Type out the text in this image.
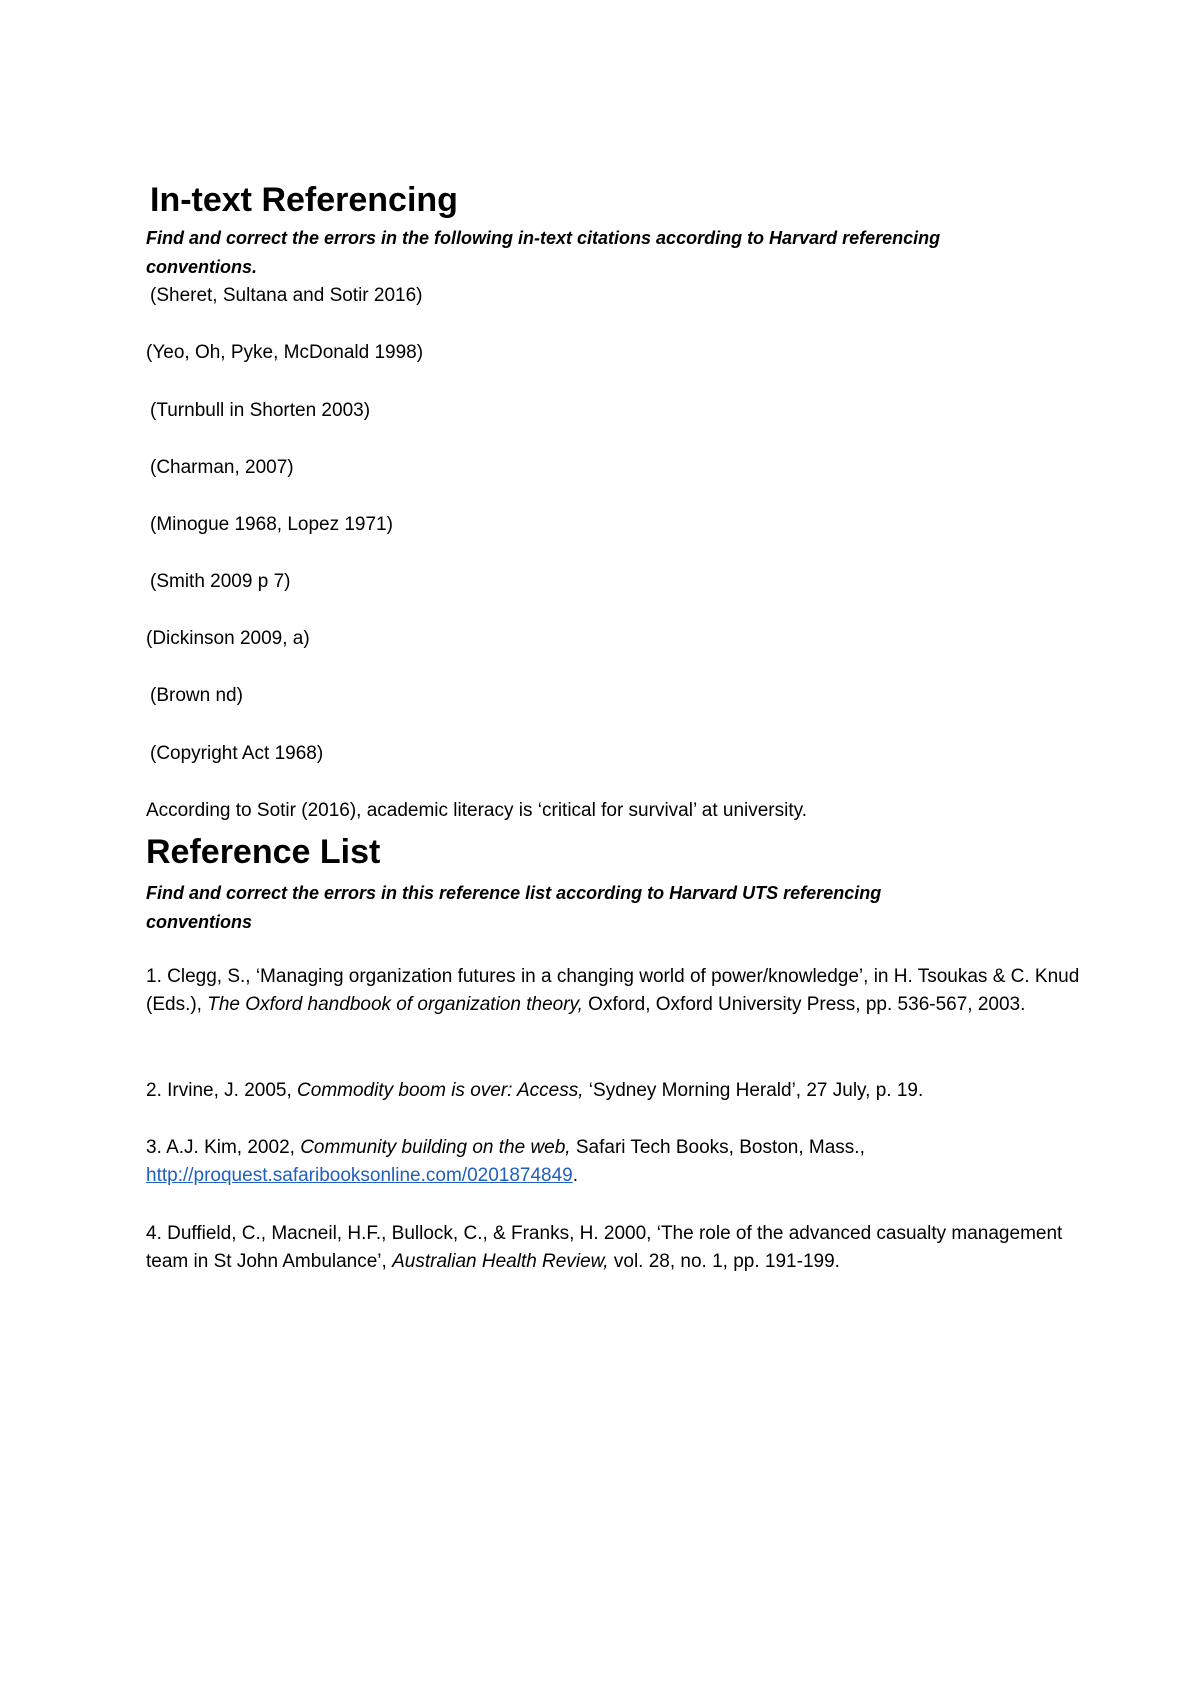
In-text Referencing
Find and correct the errors in the following in-text citations according to Harvard referencing
conventions.
(Sheret, Sultana and Sotir 2016)
(Yeo, Oh, Pyke, McDonald 1998)
(Turnbull in Shorten 2003)
(Charman, 2007)
(Minogue 1968, Lopez 1971)
(Smith 2009 p 7)
(Dickinson 2009, a)
(Brown nd)
(Copyright Act 1968)
According to Sotir (2016), academic literacy is ‘critical for survival’ at university.
Reference List
Find and correct the errors in this reference list according to Harvard UTS referencing
conventions
1. Clegg, S., ‘Managing organization futures in a changing world of power/knowledge’, in H. Tsoukas & C. Knud (Eds.), The Oxford handbook of organization theory, Oxford, Oxford University Press, pp. 536-567, 2003.
2. Irvine, J. 2005, Commodity boom is over: Access, ‘Sydney Morning Herald’, 27 July, p. 19.
3. A.J. Kim, 2002, Community building on the web, Safari Tech Books, Boston, Mass.,
http://proquest.safaribooksonline.com/0201874849.
4. Duffield, C., Macneil, H.F., Bullock, C., & Franks, H. 2000, ‘The role of the advanced casualty management team in St John Ambulance’, Australian Health Review, vol. 28, no. 1, pp. 191-199.
